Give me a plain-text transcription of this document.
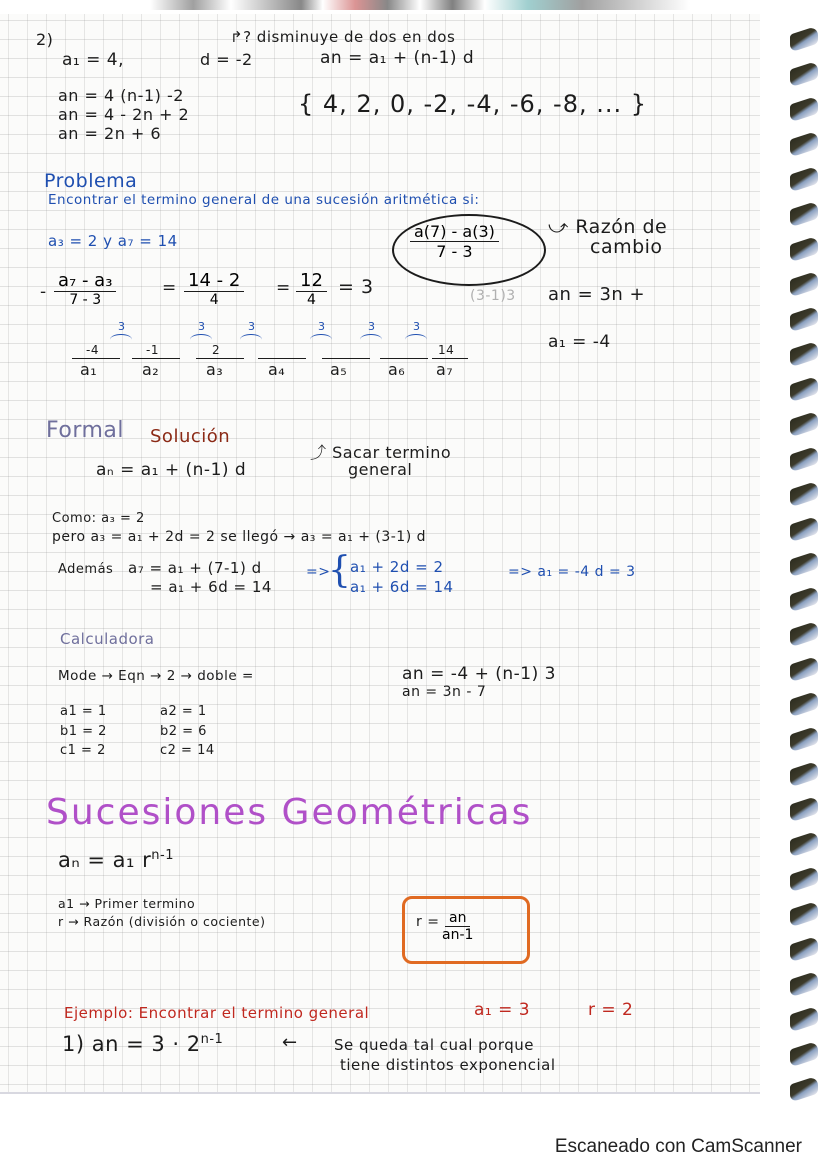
2)	↱? disminuye de dos en dos
a₁ = 4,	d = -2	an = a₁ + (n-1) d
an = 4 (n-1) -2
an = 4 - 2n + 2
an = 2n + 6
{ 4, 2, 0, -2, -4, -6, -8, ... }
Problema
Encontrar el termino general de una sucesión aritmética si:
a₃ = 2 y a₇ = 14	$\frac{a(7) - a(3)}{7 - 3}$	⤻ Razón de
cambio
-
a₇ - a₃
7 - 3
= 14 - 2
4
= 12
4
= 3	(3-1)3 an = 3n +
a₁ = -4
3	3	3	3	3	3
-4	-1	2	14
a₁	a₂	a₃	a₄	a₅	a₆ a₇
Formal Solución
aₙ = a₁ + (n-1) d
⤴ Sacar termino
general
Como: a₃ = 2
pero a₃ = a₁ + 2d = 2 se llegó → a₃ = a₁ + (3-1) d
Además a₇ = a₁ + (7-1) d
= a₁ + 6d = 14
=>
{ a₁ + 2d = 2
a₁ + 6d = 14
=> a₁ = -4 d = 3
Calculadora
Mode → Eqn → 2 → doble =	an = -4 + (n-1) 3
an = 3n - 7
a1 = 1	a2 = 1
b1 = 2	b2 = 6
c1 = 2	c2 = 14
Sucesiones Geométricas
aₙ = a₁ $r^{n-1}$
a1 → Primer termino
r → Razón (división o cociente)	r =
$\frac{an}{an-1}$
Ejemplo: Encontrar el termino general	a₁ = 3	r = 2
1) an = $3 \cdot 2^{n-1}$	← Se queda tal cual porque
tiene distintos exponencial
Escaneado con CamScanner
